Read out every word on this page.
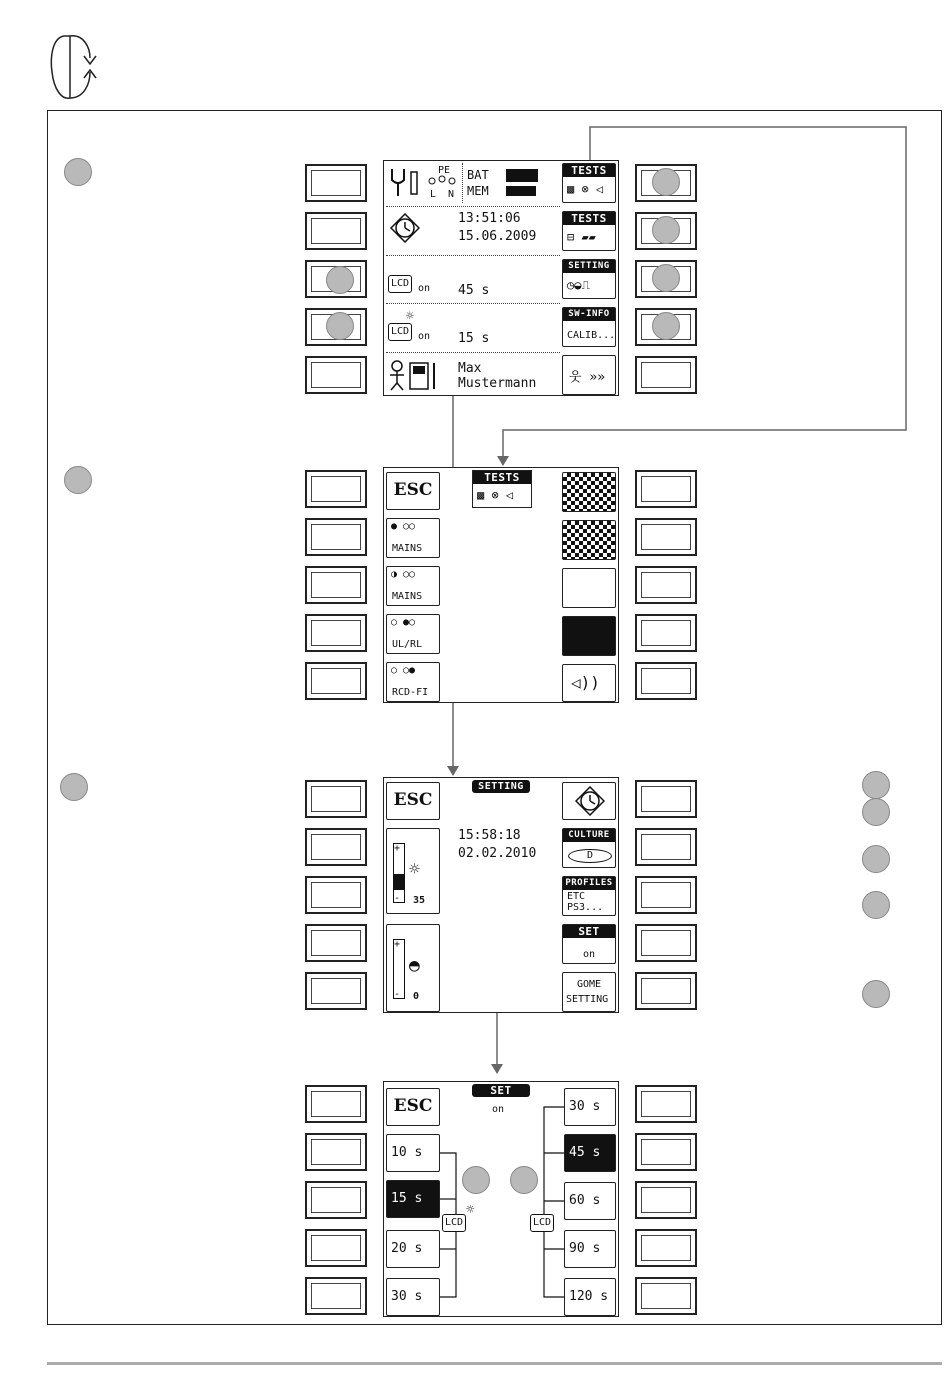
PE
L N
BAT
MEM
13:51:06
15.06.2009
LCD on 45 s
☼
LCD on 15 s
Max
Mustermann
TESTS
▩ ⊗ ◁
TESTS
⊟ ▰▰
SETTING
◷◒⎍
SW-INFO
CALIB...
웃 »»
ESC
TESTS
▩ ⊗ ◁
● ○○
MAINS
◑ ○○
MAINS
○ ●○
UL/RL
○ ○●
RCD-FI
◁))
ESC
SETTING
15:58:18
02.02.2010
+
-
☼
35
+
-
◓
0
CULTURE
D
PROFILES
ETC
PS3...
SET
on
GOME
SETTING
ESC
SET
on
10 s
15 s
20 s
30 s
30 s
45 s
60 s
90 s
120 s
☼
LCD	LCD
